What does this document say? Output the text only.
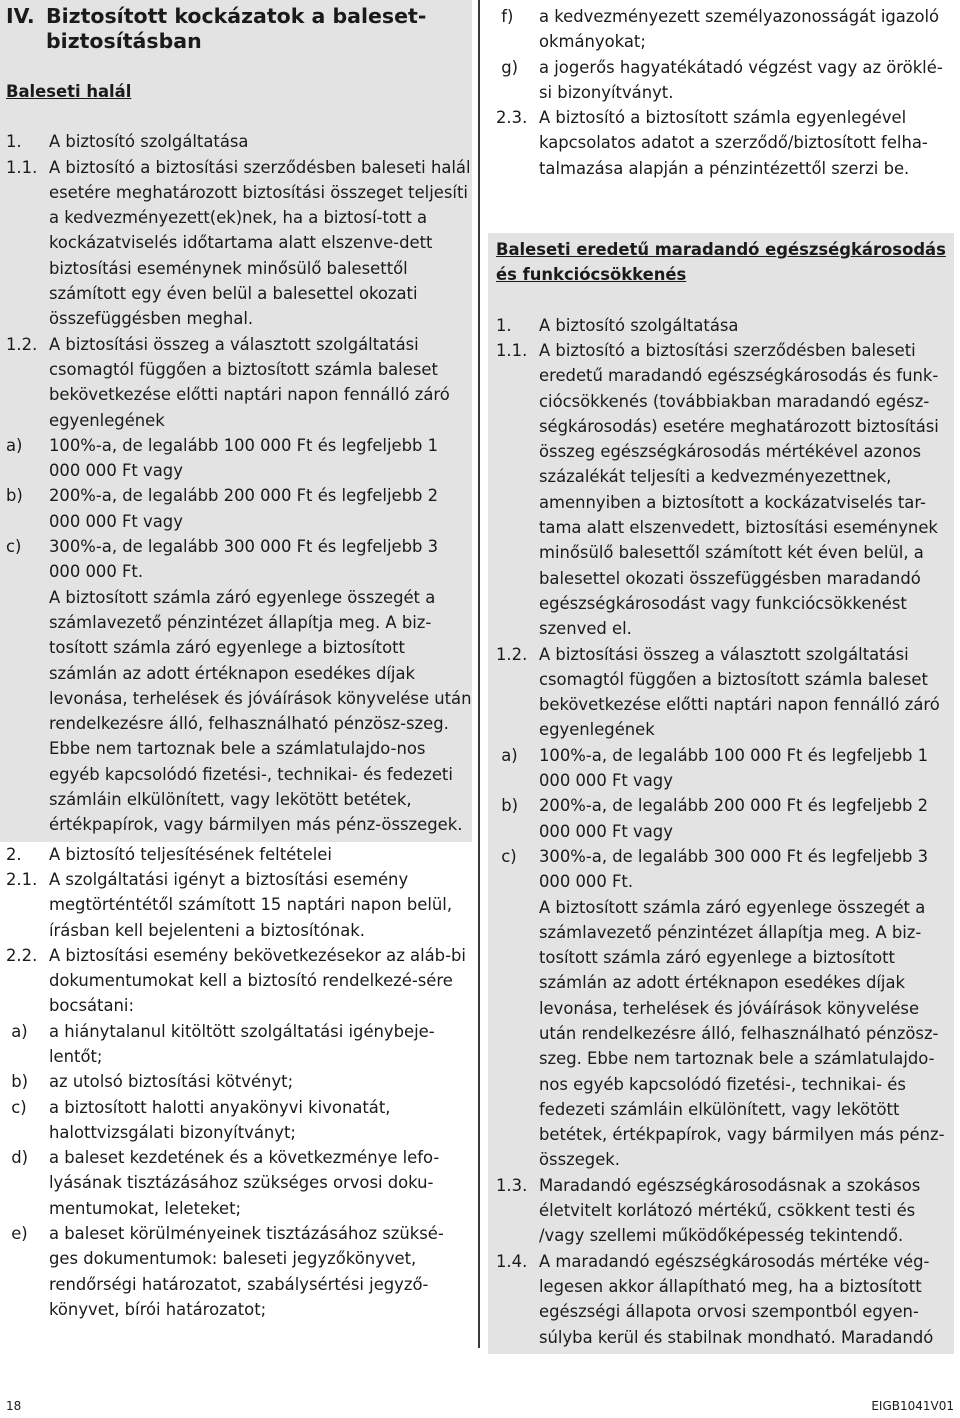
IV. Biztosított kockázatok a baleset-
biztosításban
Baleseti halál
1.	A biztosító szolgáltatása
1.1. A biztosító a biztosítási szerződésben baleseti halál esetére meghatározott biztosítási összeget teljesíti a kedvezményezett(ek)nek, ha a biztosí-tott a kockázatviselés időtartama alatt elszenve-dett biztosítási eseménynek minősülő balesettől számított egy éven belül a balesettel okozati összefüggésben meghal.
1.2. A biztosítási összeg a választott szolgáltatási csomagtól függően a biztosított számla baleset bekövetkezése előtti naptári napon fennálló záró egyenlegének
a)	100%-a, de legalább 100 000 Ft és legfeljebb 1 000 000 Ft vagy
b)	200%-a, de legalább 200 000 Ft és legfeljebb 2 000 000 Ft vagy
c)	300%-a, de legalább 300 000 Ft és legfeljebb 3 000 000 Ft.
A biztosított számla záró egyenlege összegét a számlavezető pénzintézet állapítja meg. A biz-tosított számla záró egyenlege a biztosított számlán az adott értéknapon esedékes díjak levonása, terhelések és jóváírások könyvelése után rendelkezésre álló, felhasználható pénzösz-szeg. Ebbe nem tartoznak bele a számlatulajdo-nos egyéb kapcsolódó fizetési-, technikai- és fedezeti számláin elkülönített, vagy lekötött betétek, értékpapírok, vagy bármilyen más pénz-összegek.
2.	A biztosító teljesítésének feltételei
2.1. A szolgáltatási igényt a biztosítási esemény megtörténtétől számított 15 naptári napon belül, írásban kell bejelenteni a biztosítónak.
2.2. A biztosítási esemény bekövetkezésekor az aláb-bi dokumentumokat kell a biztosító rendelkezé-sére bocsátani:
a)	a hiánytalanul kitöltött szolgáltatási igénybeje-lentőt;
b)	az utolsó biztosítási kötvényt;
c)	a biztosított halotti anyakönyvi kivonatát, halottvizsgálati bizonyítványt;
d)	a baleset kezdetének és a következménye lefo-lyásának tisztázásához szükséges orvosi doku-mentumokat, leleteket;
e)	a baleset körülményeinek tisztázásához szüksé-ges dokumentumok: baleseti jegyzőkönyvet, rendőrségi határozatot, szabálysértési jegyző-könyvet, bírói határozatot;
f)	a kedvezményezett személyazonosságát igazoló okmányokat;
g)	a jogerős hagyatékátadó végzést vagy az öröklé-si bizonyítványt.
2.3. A biztosító a biztosított számla egyenlegével kapcsolatos adatot a szerződő/biztosított felha-talmazása alapján a pénzintézettől szerzi be.
Baleseti eredetű maradandó egészségkárosodás és funkciócsökkenés
1.	A biztosító szolgáltatása
1.1. A biztosító a biztosítási szerződésben baleseti eredetű maradandó egészségkárosodás és funk-ciócsökkenés (továbbiakban maradandó egész-ségkárosodás) esetére meghatározott biztosítási összeg egészségkárosodás mértékével azonos százalékát teljesíti a kedvezményezettnek, amennyiben a biztosított a kockázatviselés tar-tama alatt elszenvedett, biztosítási eseménynek minősülő balesettől számított két éven belül, a balesettel okozati összefüggésben maradandó egészségkárosodást vagy funkciócsökkenést szenved el.
1.2. A biztosítási összeg a választott szolgáltatási csomagtól függően a biztosított számla baleset bekövetkezése előtti naptári napon fennálló záró egyenlegének
a)	100%-a, de legalább 100 000 Ft és legfeljebb 1 000 000 Ft vagy
b)	200%-a, de legalább 200 000 Ft és legfeljebb 2 000 000 Ft vagy
c)	300%-a, de legalább 300 000 Ft és legfeljebb 3 000 000 Ft.
A biztosított számla záró egyenlege összegét a számlavezető pénzintézet állapítja meg. A biz-tosított számla záró egyenlege a biztosított számlán az adott értéknapon esedékes díjak levonása, terhelések és jóváírások könyvelése után rendelkezésre álló, felhasználható pénzösz-szeg. Ebbe nem tartoznak bele a számlatulajdo-nos egyéb kapcsolódó fizetési-, technikai- és fedezeti számláin elkülönített, vagy lekötött betétek, értékpapírok, vagy bármilyen más pénz-összegek.
1.3. Maradandó egészségkárosodásnak a szokásos életvitelt korlátozó mértékű, csökkent testi és /vagy szellemi működőképesség tekintendő.
1.4. A maradandó egészségkárosodás mértéke vég-legesen akkor állapítható meg, ha a biztosított egészségi állapota orvosi szempontból egyen-súlyba kerül és stabilnak mondható. Maradandó
18	EIGB1041V01
